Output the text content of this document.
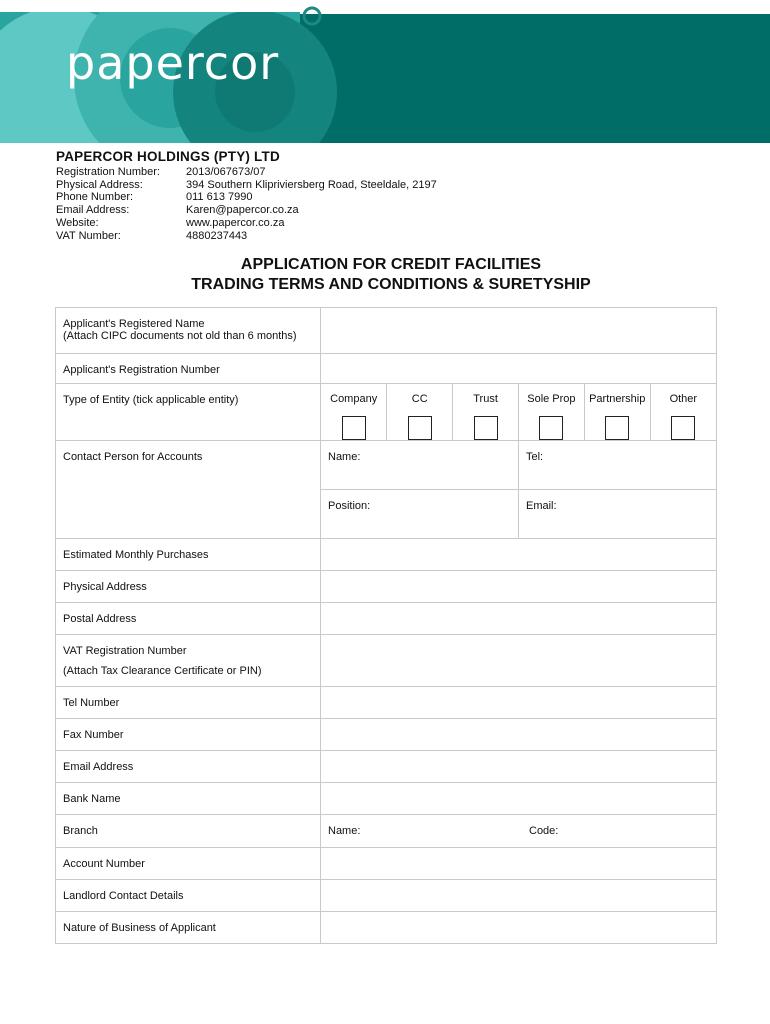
papercor
PAPERCOR HOLDINGS (PTY) LTD
Registration Number:	2013/067673/07
Physical Address:	394 Southern Klipriviersberg Road, Steeldale, 2197
Phone Number:	011 613 7990
Email Address:	Karen@papercor.co.za
Website:	www.papercor.co.za
VAT Number:	4880237443
APPLICATION FOR CREDIT FACILITIES
TRADING TERMS AND CONDITIONS & SURETYSHIP
Applicant's Registered Name
(Attach CIPC documents not old than 6 months)

Applicant's Registration Number	
Type of Entity (tick applicable entity)		Company	CC	Trust	Sole Prop	Partnership	Other

Contact Person for Accounts	Name:	Tel:

Position:	Email:

Estimated Monthly Purchases	
Physical Address	
Postal Address	

VAT Registration Number
(Attach Tax Clearance Certificate or PIN)

Tel Number	
Fax Number	
Email Address	
Bank Name	
Branch	Name:	Code:

Account Number	
Landlord Contact Details	
Nature of Business of Applicant	
